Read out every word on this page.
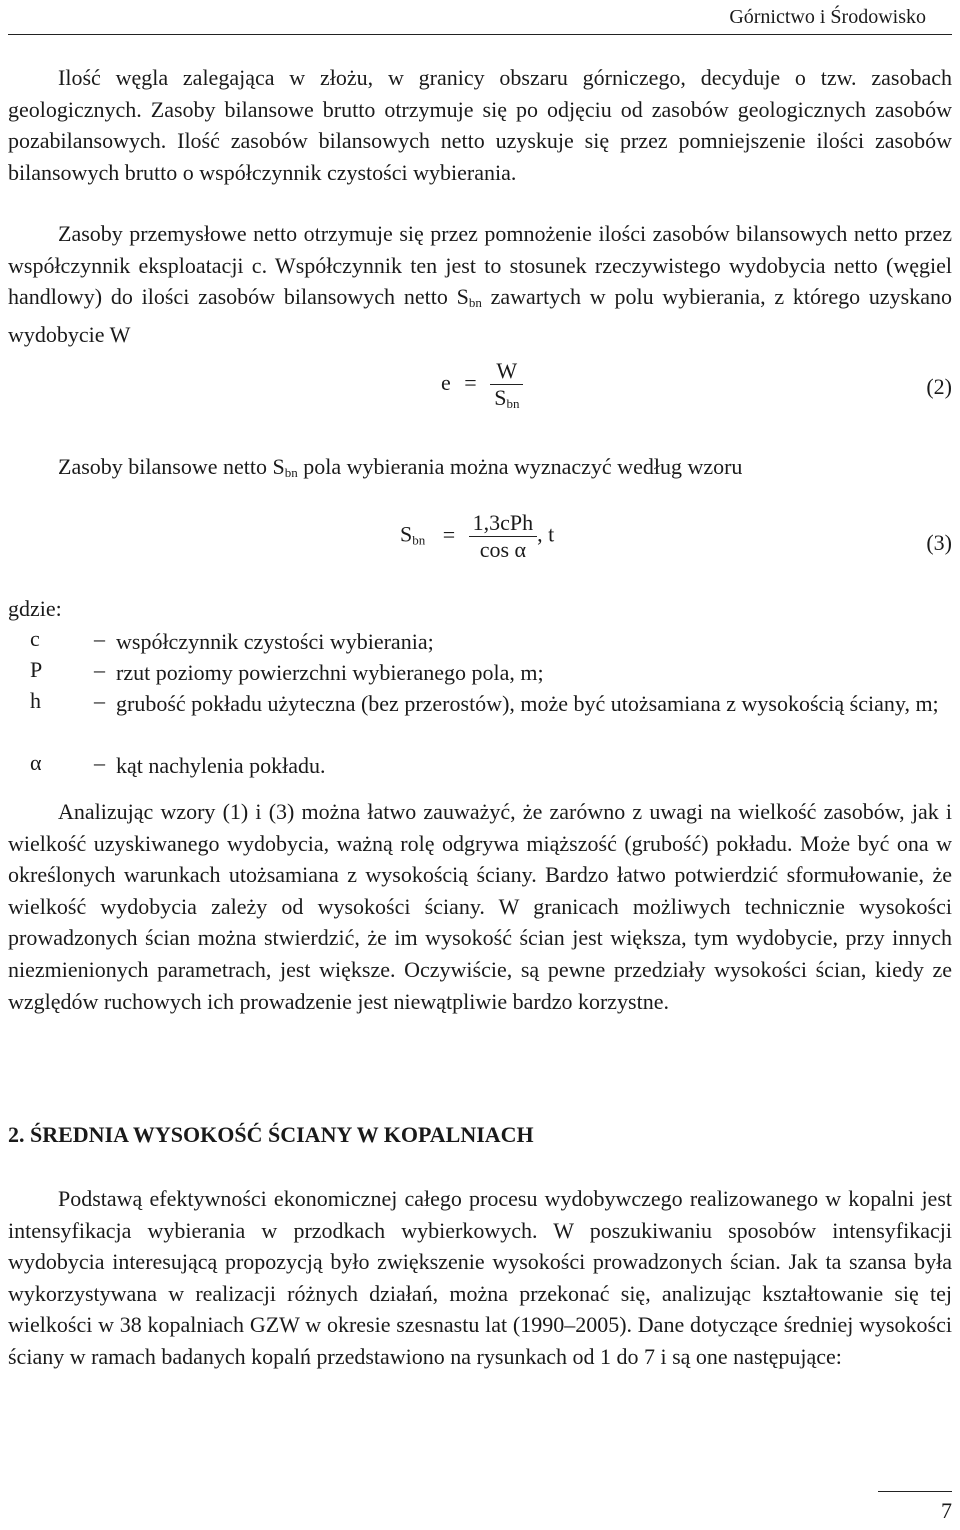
Górnictwo i Środowisko

Ilość węgla zalegająca w złożu, w granicy obszaru górniczego, decyduje o tzw. zasobach geologicznych. Zasoby bilansowe brutto otrzymuje się po odjęciu od zasobów geologicznych zasobów pozabilansowych. Ilość zasobów bilansowych netto uzyskuje się przez pomniejszenie ilości zasobów bilansowych brutto o współczynnik czystości wybierania.

Zasoby przemysłowe netto otrzymuje się przez pomnożenie ilości zasobów bilansowych netto przez współczynnik eksploatacji c. Współczynnik ten jest to stosunek rzeczywistego wydobycia netto (węgiel handlowy) do ilości zasobów bilansowych netto $S_{bn}$ zawartych w polu wybierania, z którego uzyskano wydobycie W

$e = \frac{W}{S_{bn}}$	(2)
Zasoby bilansowe netto $S_{bn}$ pola wybierania można wyznaczyć według wzoru
$S_{bn} = \frac{\text{1,3cPh}}{\text{cos α}}$ , t	(3)
gdzie:
c	– współczynnik czystości wybierania;
P	– rzut poziomy powierzchni wybieranego pola, m;
h	– grubość pokładu użyteczna (bez przerostów), może być utożsamiana z wysokością ściany, m;
α	– kąt nachylenia pokładu.

Analizując wzory (1) i (3) można łatwo zauważyć, że zarówno z uwagi na wielkość zasobów, jak i wielkość uzyskiwanego wydobycia, ważną rolę odgrywa miąższość (grubość) pokładu. Może być ona w określonych warunkach utożsamiana z wysokością ściany. Bardzo łatwo potwierdzić sformułowanie, że wielkość wydobycia zależy od wysokości ściany. W granicach możliwych technicznie wysokości prowadzonych ścian można stwierdzić, że im wysokość ścian jest większa, tym wydobycie, przy innych niezmienionych parametrach, jest większe. Oczywiście, są pewne przedziały wysokości ścian, kiedy ze względów ruchowych ich prowadzenie jest niewątpliwie bardzo korzystne.

2. ŚREDNIA WYSOKOŚĆ ŚCIANY W KOPALNIACH

Podstawą efektywności ekonomicznej całego procesu wydobywczego realizowanego w kopalni jest intensyfikacja wybierania w przodkach wybierkowych. W poszukiwaniu sposobów intensyfikacji wydobycia interesującą propozycją było zwiększenie wysokości prowadzonych ścian. Jak ta szansa była wykorzystywana w realizacji różnych działań, można przekonać się, analizując kształtowanie się tej wielkości w 38 kopalniach GZW w okresie szesnastu lat (1990–2005). Dane dotyczące średniej wysokości ściany w ramach badanych kopalń przedstawiono na rysunkach od 1 do 7 i są one następujące:

7
